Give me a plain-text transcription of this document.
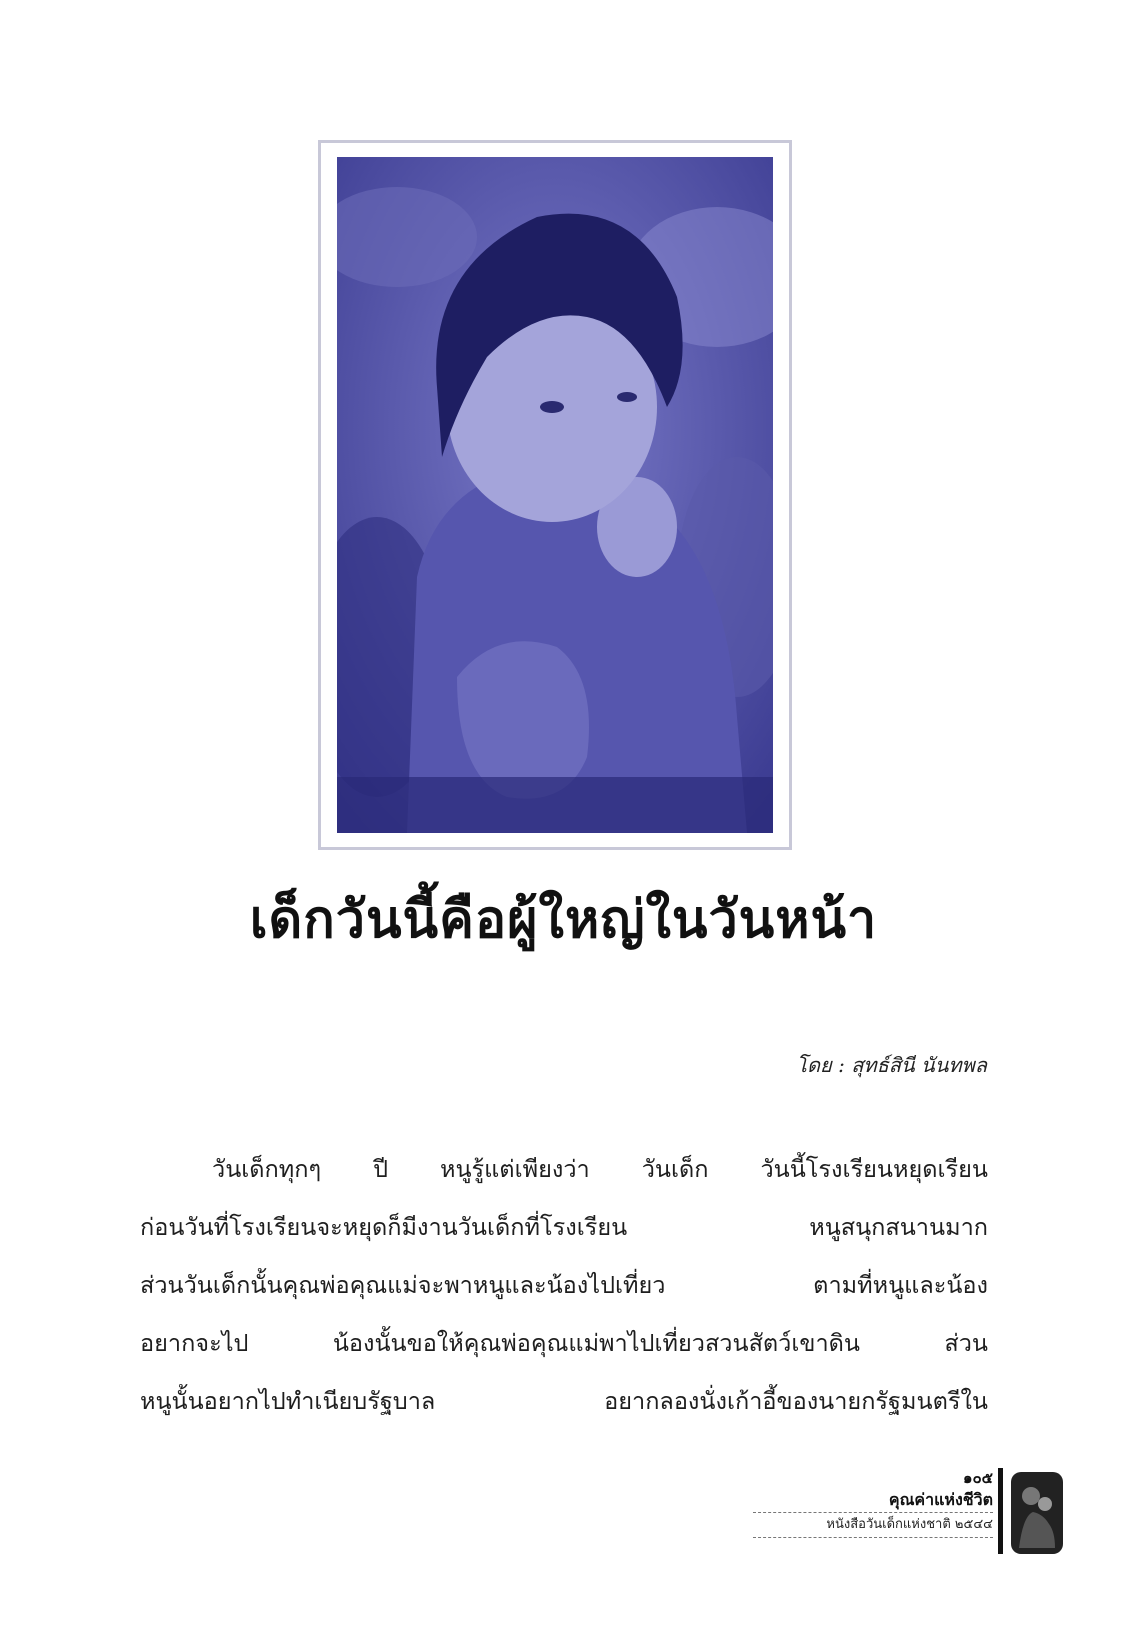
เด็กวันนี้คือผู้ใหญ่ในวันหน้า
โดย : สุทธ์สินี นันทพล
วันเด็กทุกๆ ปี หนูรู้แต่เพียงว่า วันเด็ก วันนี้โรงเรียนหยุดเรียน
ก่อนวันที่โรงเรียนจะหยุดก็มีงานวันเด็กที่โรงเรียน หนูสนุกสนานมาก
ส่วนวันเด็กนั้นคุณพ่อคุณแม่จะพาหนูและน้องไปเที่ยว ตามที่หนูและน้อง
อยากจะไป น้องนั้นขอให้คุณพ่อคุณแม่พาไปเที่ยวสวนสัตว์เขาดิน ส่วน
หนูนั้นอยากไปทำเนียบรัฐบาล อยากลองนั่งเก้าอี้ของนายกรัฐมนตรีใน
๑๐๕
คุณค่าแห่งชีวิต
หนังสือวันเด็กแห่งชาติ ๒๕๔๔
